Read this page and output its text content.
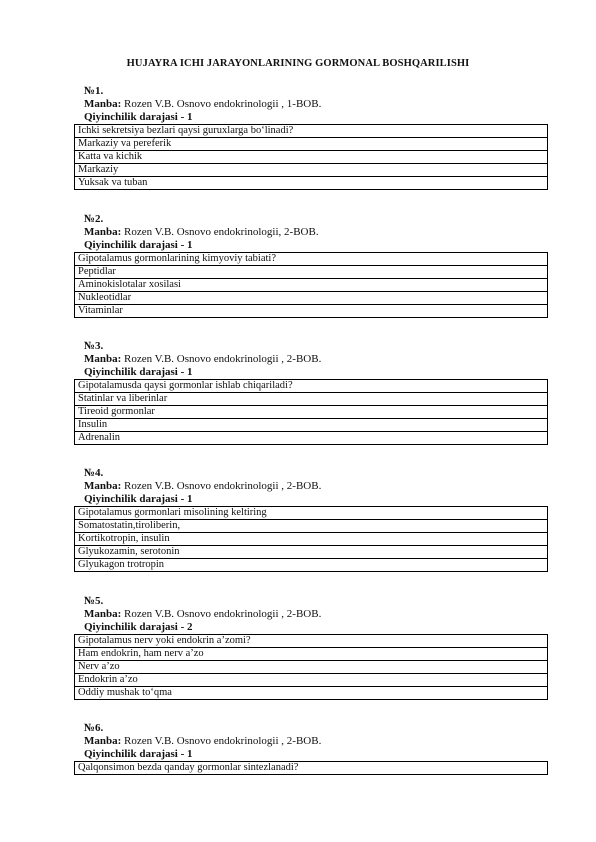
HUJAYRA ICHI JARAYONLARINING GORMONAL BOSHQARILISHI
№1.
Manba: Rozen V.B. Osnovo endokrinologii , 1-BOB.
Qiyinchilik darajasi - 1
Ichki sekretsiya bezlari qaysi guruxlarga boʻlinadi?
Markaziy va pereferik
Katta va kichik
Markaziy
Yuksak va tuban
№2.
Manba: Rozen V.B. Osnovo endokrinologii, 2-BOB.
Qiyinchilik darajasi - 1
Gipotalamus gormonlarining kimyoviy tabiati?
Peptidlar
Aminokislotalar xosilasi
Nukleotidlar
Vitaminlar
№3.
Manba: Rozen V.B. Osnovo endokrinologii , 2-BOB.
Qiyinchilik darajasi - 1
Gipotalamusda qaysi gormonlar ishlab chiqariladi?
Statinlar va liberinlar
Tireoid gormonlar
Insulin
Adrenalin
№4.
Manba: Rozen V.B. Osnovo endokrinologii , 2-BOB.
Qiyinchilik darajasi - 1
Gipotalamus gormonlari misolining keltiring
Somatostatin,tiroliberin,
Kortikotropin, insulin
Glyukozamin, serotonin
Glyukagon trotropin
№5.
Manba: Rozen V.B. Osnovo endokrinologii , 2-BOB.
Qiyinchilik darajasi - 2
Gipotalamus nerv yoki endokrin a’zomi?
Ham endokrin, ham nerv a’zo
Nerv a’zo
Endokrin a’zo
Oddiy mushak toʻqma
№6.
Manba: Rozen V.B. Osnovo endokrinologii , 2-BOB.
Qiyinchilik darajasi - 1
Qalqonsimon bezda qanday gormonlar sintezlanadi?
